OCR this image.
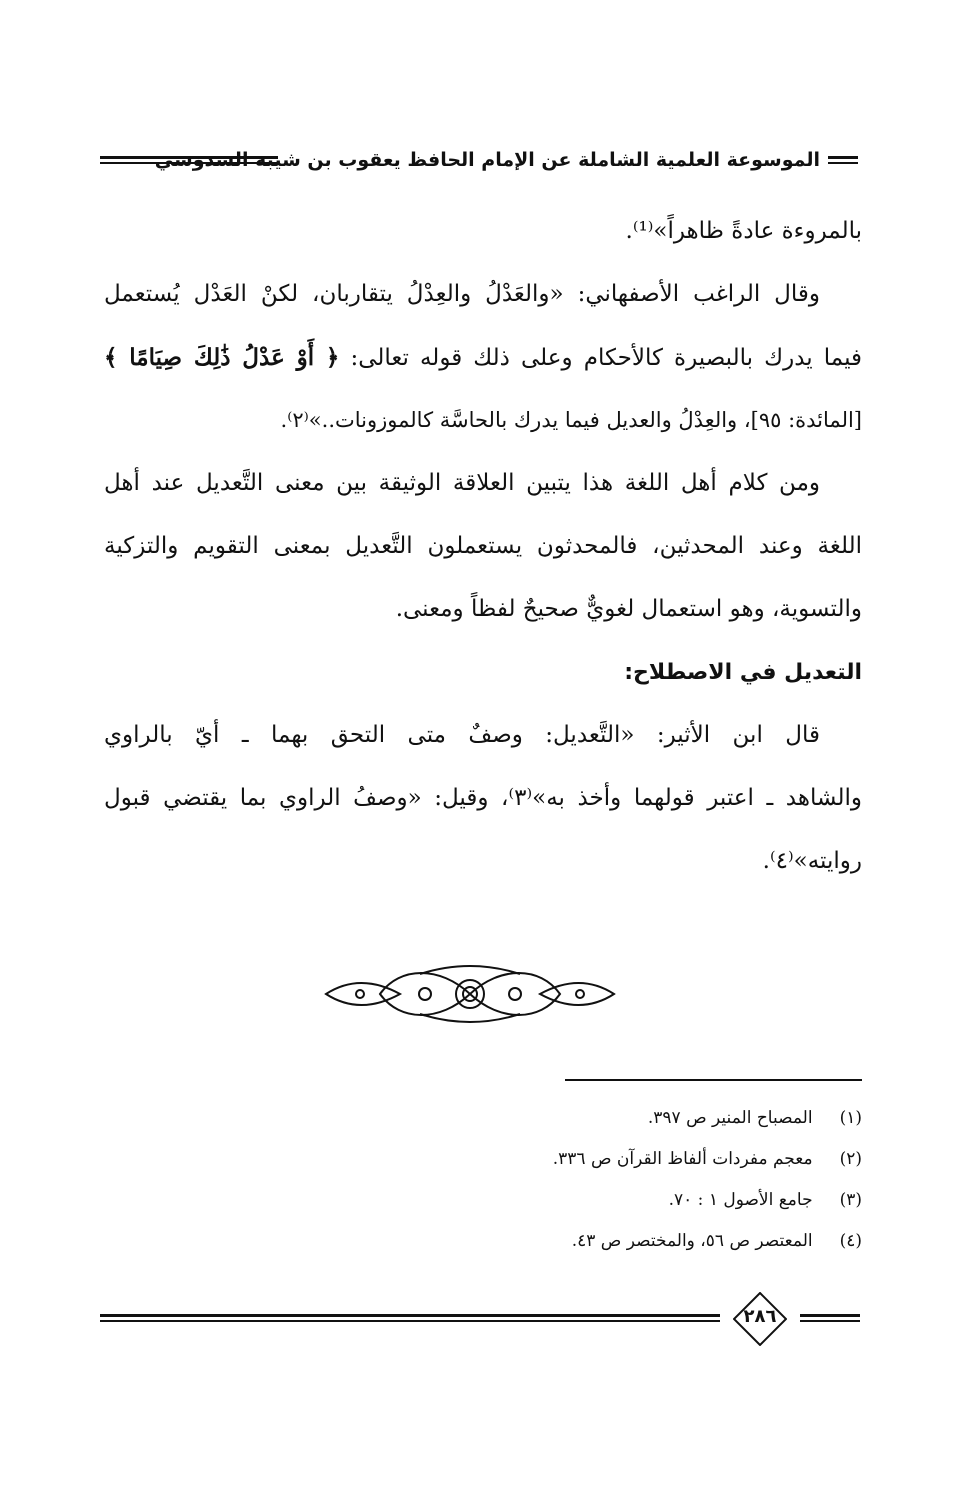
الموسوعة العلمية الشاملة عن الإمام الحافظ يعقوب بن شيبة السدوسي
بالمروءة عادةً ظاهراً»⁽¹⁾.
وقال الراغب الأصفهاني: «والعَدْلُ والعِدْلُ يتقاربان، لكنْ العَدْل يُستعمل
فيما يدرك بالبصيرة كالأحكام وعلى ذلك قوله تعالى: ﴿ أَوْ عَدْلُ ذَٰلِكَ صِيَامًا ﴾
[المائدة: ٩٥]، والعِدْلُ والعديل فيما يدرك بالحاسَّة كالموزونات..»⁽٢⁾.
ومن كلام أهل اللغة هذا يتبين العلاقة الوثيقة بين معنى التَّعديل عند أهل
اللغة وعند المحدثين، فالمحدثون يستعملون التَّعديل بمعنى التقويم والتزكية
والتسوية، وهو استعمال لغويٌّ صحيحٌ لفظاً ومعنى.
التعديل في الاصطلاح:
قال ابن الأثير: «التَّعديل: وصفٌ متى التحق بهما ـ أيّ بالراوي
والشاهد ـ اعتبر قولهما وأخذ به»⁽٣⁾، وقيل: «وصفُ الراوي بما يقتضي قبول
روايته»⁽٤⁾.
(١) المصباح المنير ص ٣٩٧.
(٢) معجم مفردات ألفاظ القرآن ص ٣٣٦.
(٣) جامع الأصول ١ : ٧٠.
(٤) المعتصر ص ٥٦، والمختصر ص ٤٣.
٢٨٦
